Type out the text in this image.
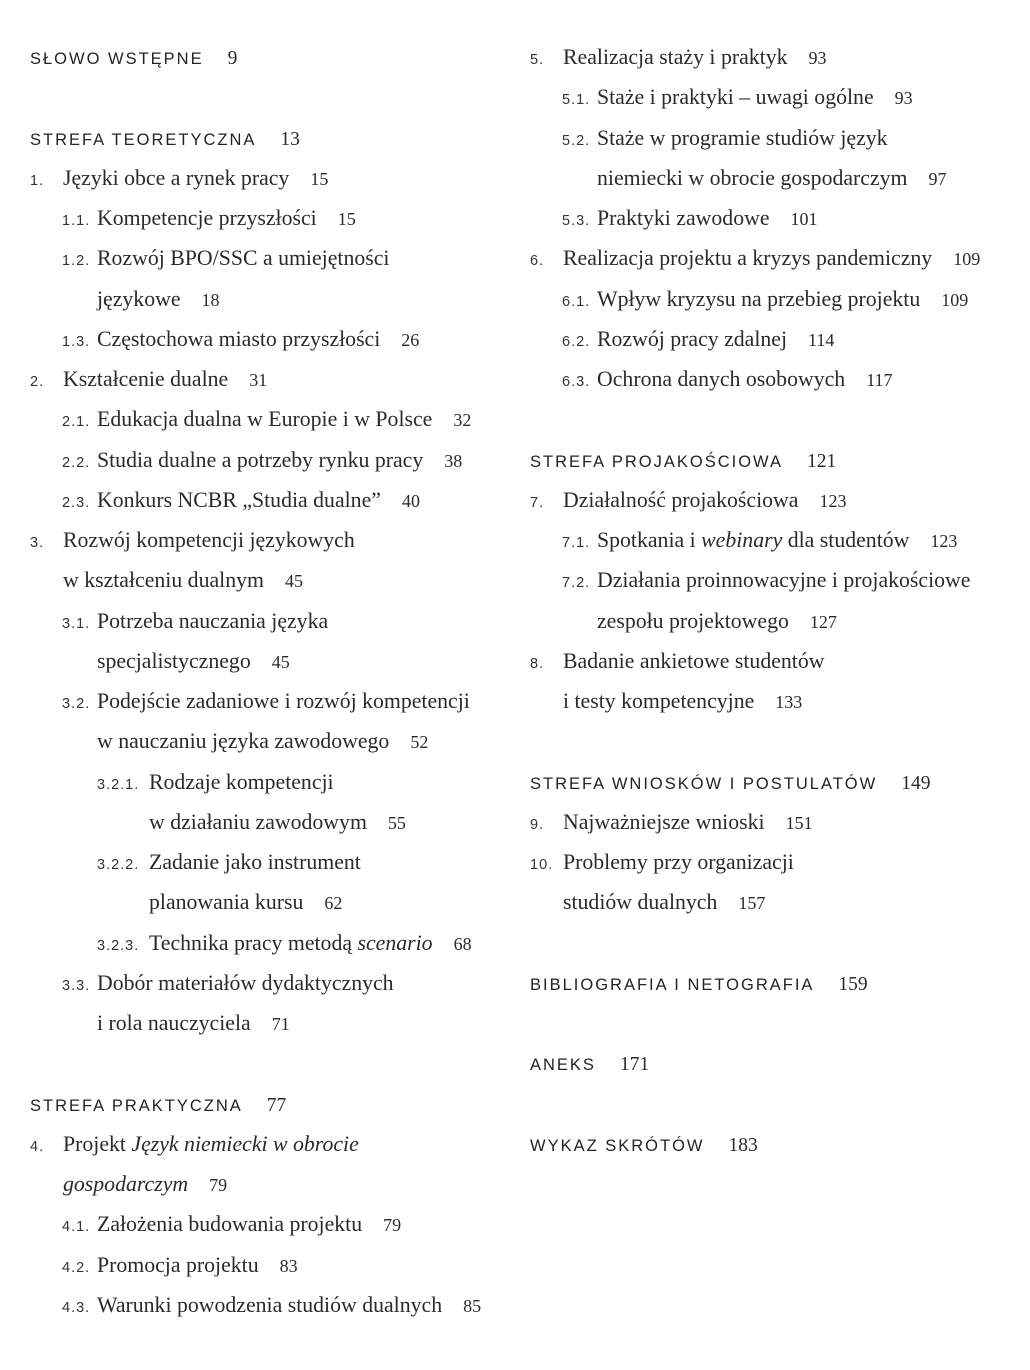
SŁOWO WSTĘPNE 9
STREFA TEORETYCZNA 13
1. Języki obce a rynek pracy 15
1.1. Kompetencje przyszłości 15
1.2. Rozwój BPO/SSC a umiejętności
językowe 18
1.3. Częstochowa miasto przyszłości 26
2. Kształcenie dualne 31
2.1. Edukacja dualna w Europie i w Polsce 32
2.2. Studia dualne a potrzeby rynku pracy 38
2.3. Konkurs NCBR „Studia dualne” 40
3. Rozwój kompetencji językowych
w kształceniu dualnym 45
3.1. Potrzeba nauczania języka
specjalistycznego 45
3.2. Podejście zadaniowe i rozwój kompetencji
w nauczaniu języka zawodowego 52
3.2.1. Rodzaje kompetencji
w działaniu zawodowym 55
3.2.2. Zadanie jako instrument
planowania kursu 62
3.2.3. Technika pracy metodą scenario 68
3.3. Dobór materiałów dydaktycznych
i rola nauczyciela 71
STREFA PRAKTYCZNA 77
4. Projekt Język niemiecki w obrocie
gospodarczym 79
4.1. Założenia budowania projektu 79
4.2. Promocja projektu 83
4.3. Warunki powodzenia studiów dualnych 85
5. Realizacja staży i praktyk 93
5.1. Staże i praktyki – uwagi ogólne 93
5.2. Staże w programie studiów język
niemiecki w obrocie gospodarczym 97
5.3. Praktyki zawodowe 101
6. Realizacja projektu a kryzys pandemiczny 109
6.1. Wpływ kryzysu na przebieg projektu 109
6.2. Rozwój pracy zdalnej 114
6.3. Ochrona danych osobowych 117
STREFA PROJAKOŚCIOWA 121
7. Działalność projakościowa 123
7.1. Spotkania i webinary dla studentów 123
7.2. Działania proinnowacyjne i projakościowe
zespołu projektowego 127
8. Badanie ankietowe studentów
i testy kompetencyjne 133
STREFA WNIOSKÓW I POSTULATÓW 149
9. Najważniejsze wnioski 151
10. Problemy przy organizacji
studiów dualnych 157
BIBLIOGRAFIA I NETOGRAFIA 159
ANEKS 171
WYKAZ SKRÓTÓW 183
